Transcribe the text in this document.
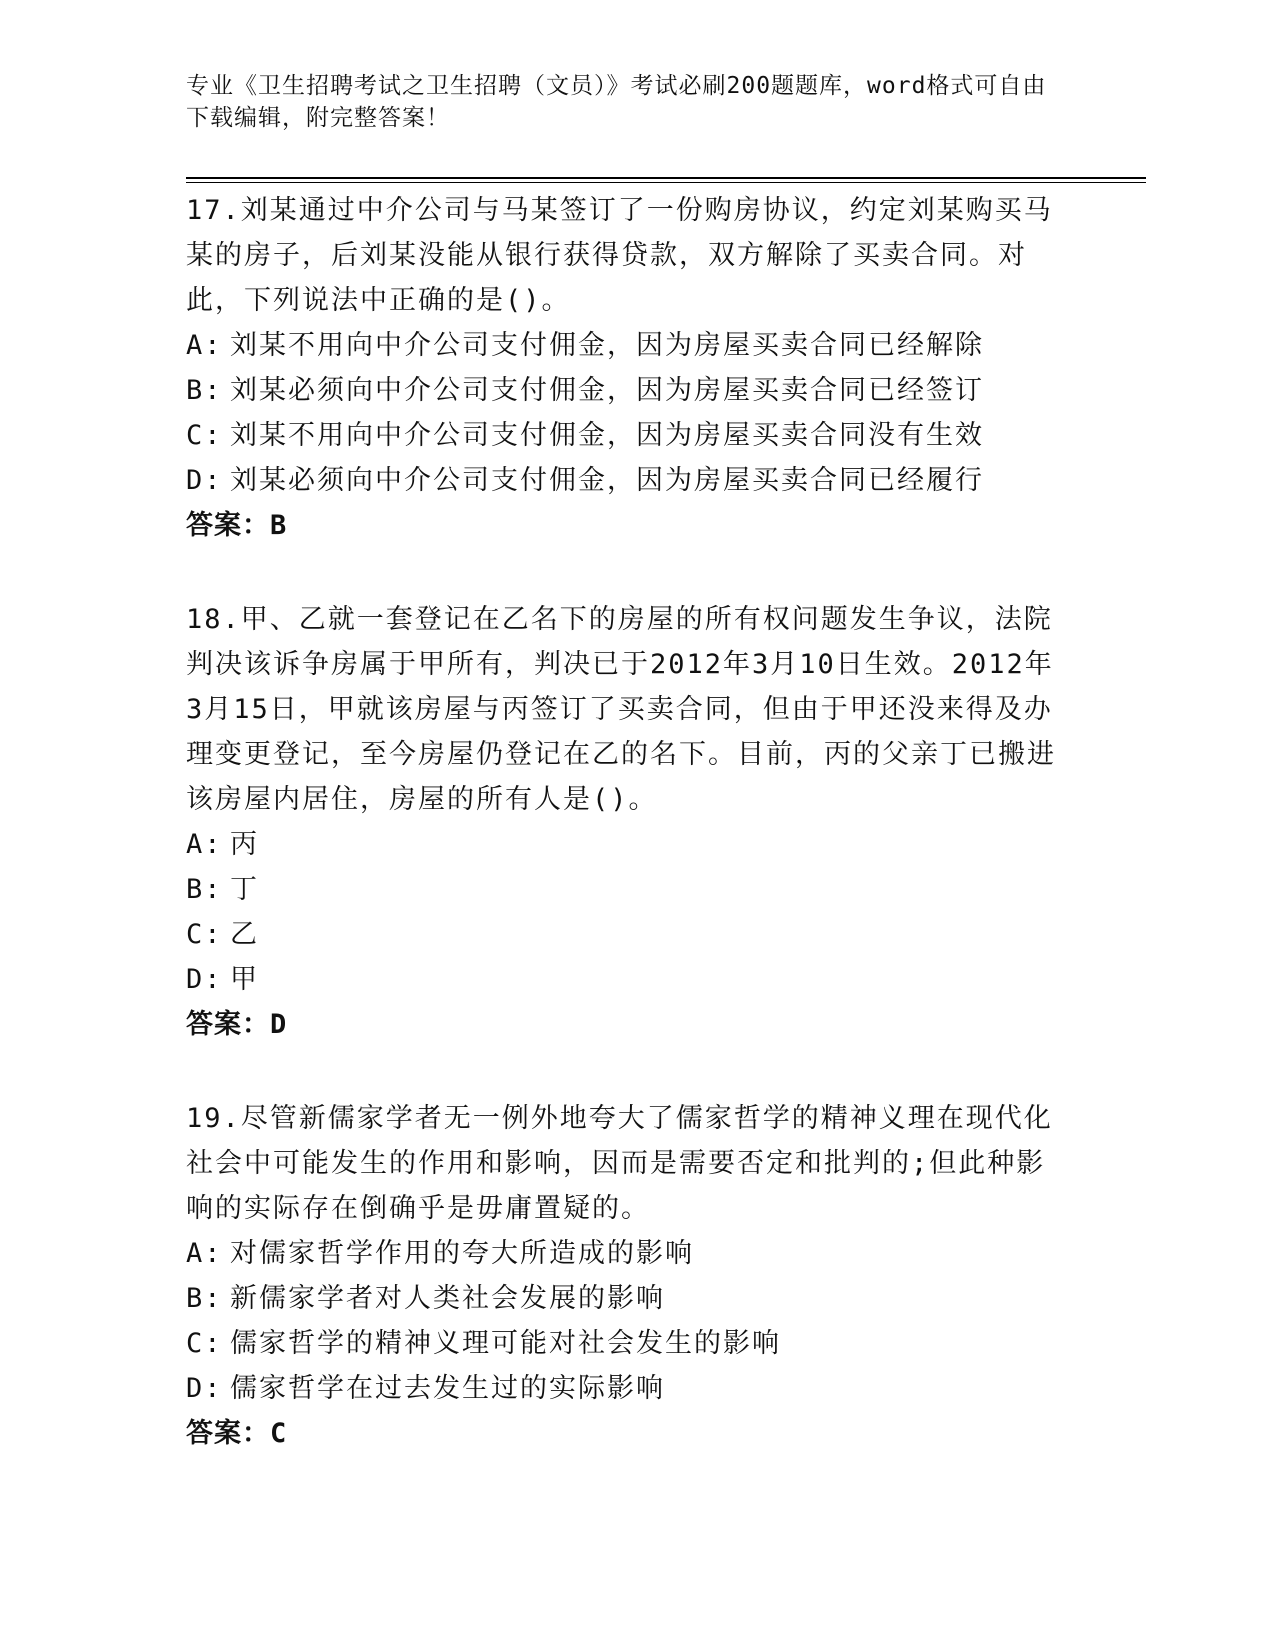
专业《卫生招聘考试之卫生招聘（文员）》考试必刷200题题库，word格式可自由下载编辑，附完整答案！
17.刘某通过中介公司与马某签订了一份购房协议，约定刘某购买马某的房子，后刘某没能从银行获得贷款，双方解除了买卖合同。对此，下列说法中正确的是()。
A: 刘某不用向中介公司支付佣金，因为房屋买卖合同已经解除
B: 刘某必须向中介公司支付佣金，因为房屋买卖合同已经签订
C: 刘某不用向中介公司支付佣金，因为房屋买卖合同没有生效
D: 刘某必须向中介公司支付佣金，因为房屋买卖合同已经履行
答案：B
18.甲、乙就一套登记在乙名下的房屋的所有权问题发生争议，法院判决该诉争房属于甲所有，判决已于2012年3月10日生效。2012年3月15日，甲就该房屋与丙签订了买卖合同，但由于甲还没来得及办理变更登记，至今房屋仍登记在乙的名下。目前，丙的父亲丁已搬进该房屋内居住，房屋的所有人是()。
A: 丙
B: 丁
C: 乙
D: 甲
答案：D
19.尽管新儒家学者无一例外地夸大了儒家哲学的精神义理在现代化社会中可能发生的作用和影响，因而是需要否定和批判的;但此种影响的实际存在倒确乎是毋庸置疑的。
A: 对儒家哲学作用的夸大所造成的影响
B: 新儒家学者对人类社会发展的影响
C: 儒家哲学的精神义理可能对社会发生的影响
D: 儒家哲学在过去发生过的实际影响
答案：C
